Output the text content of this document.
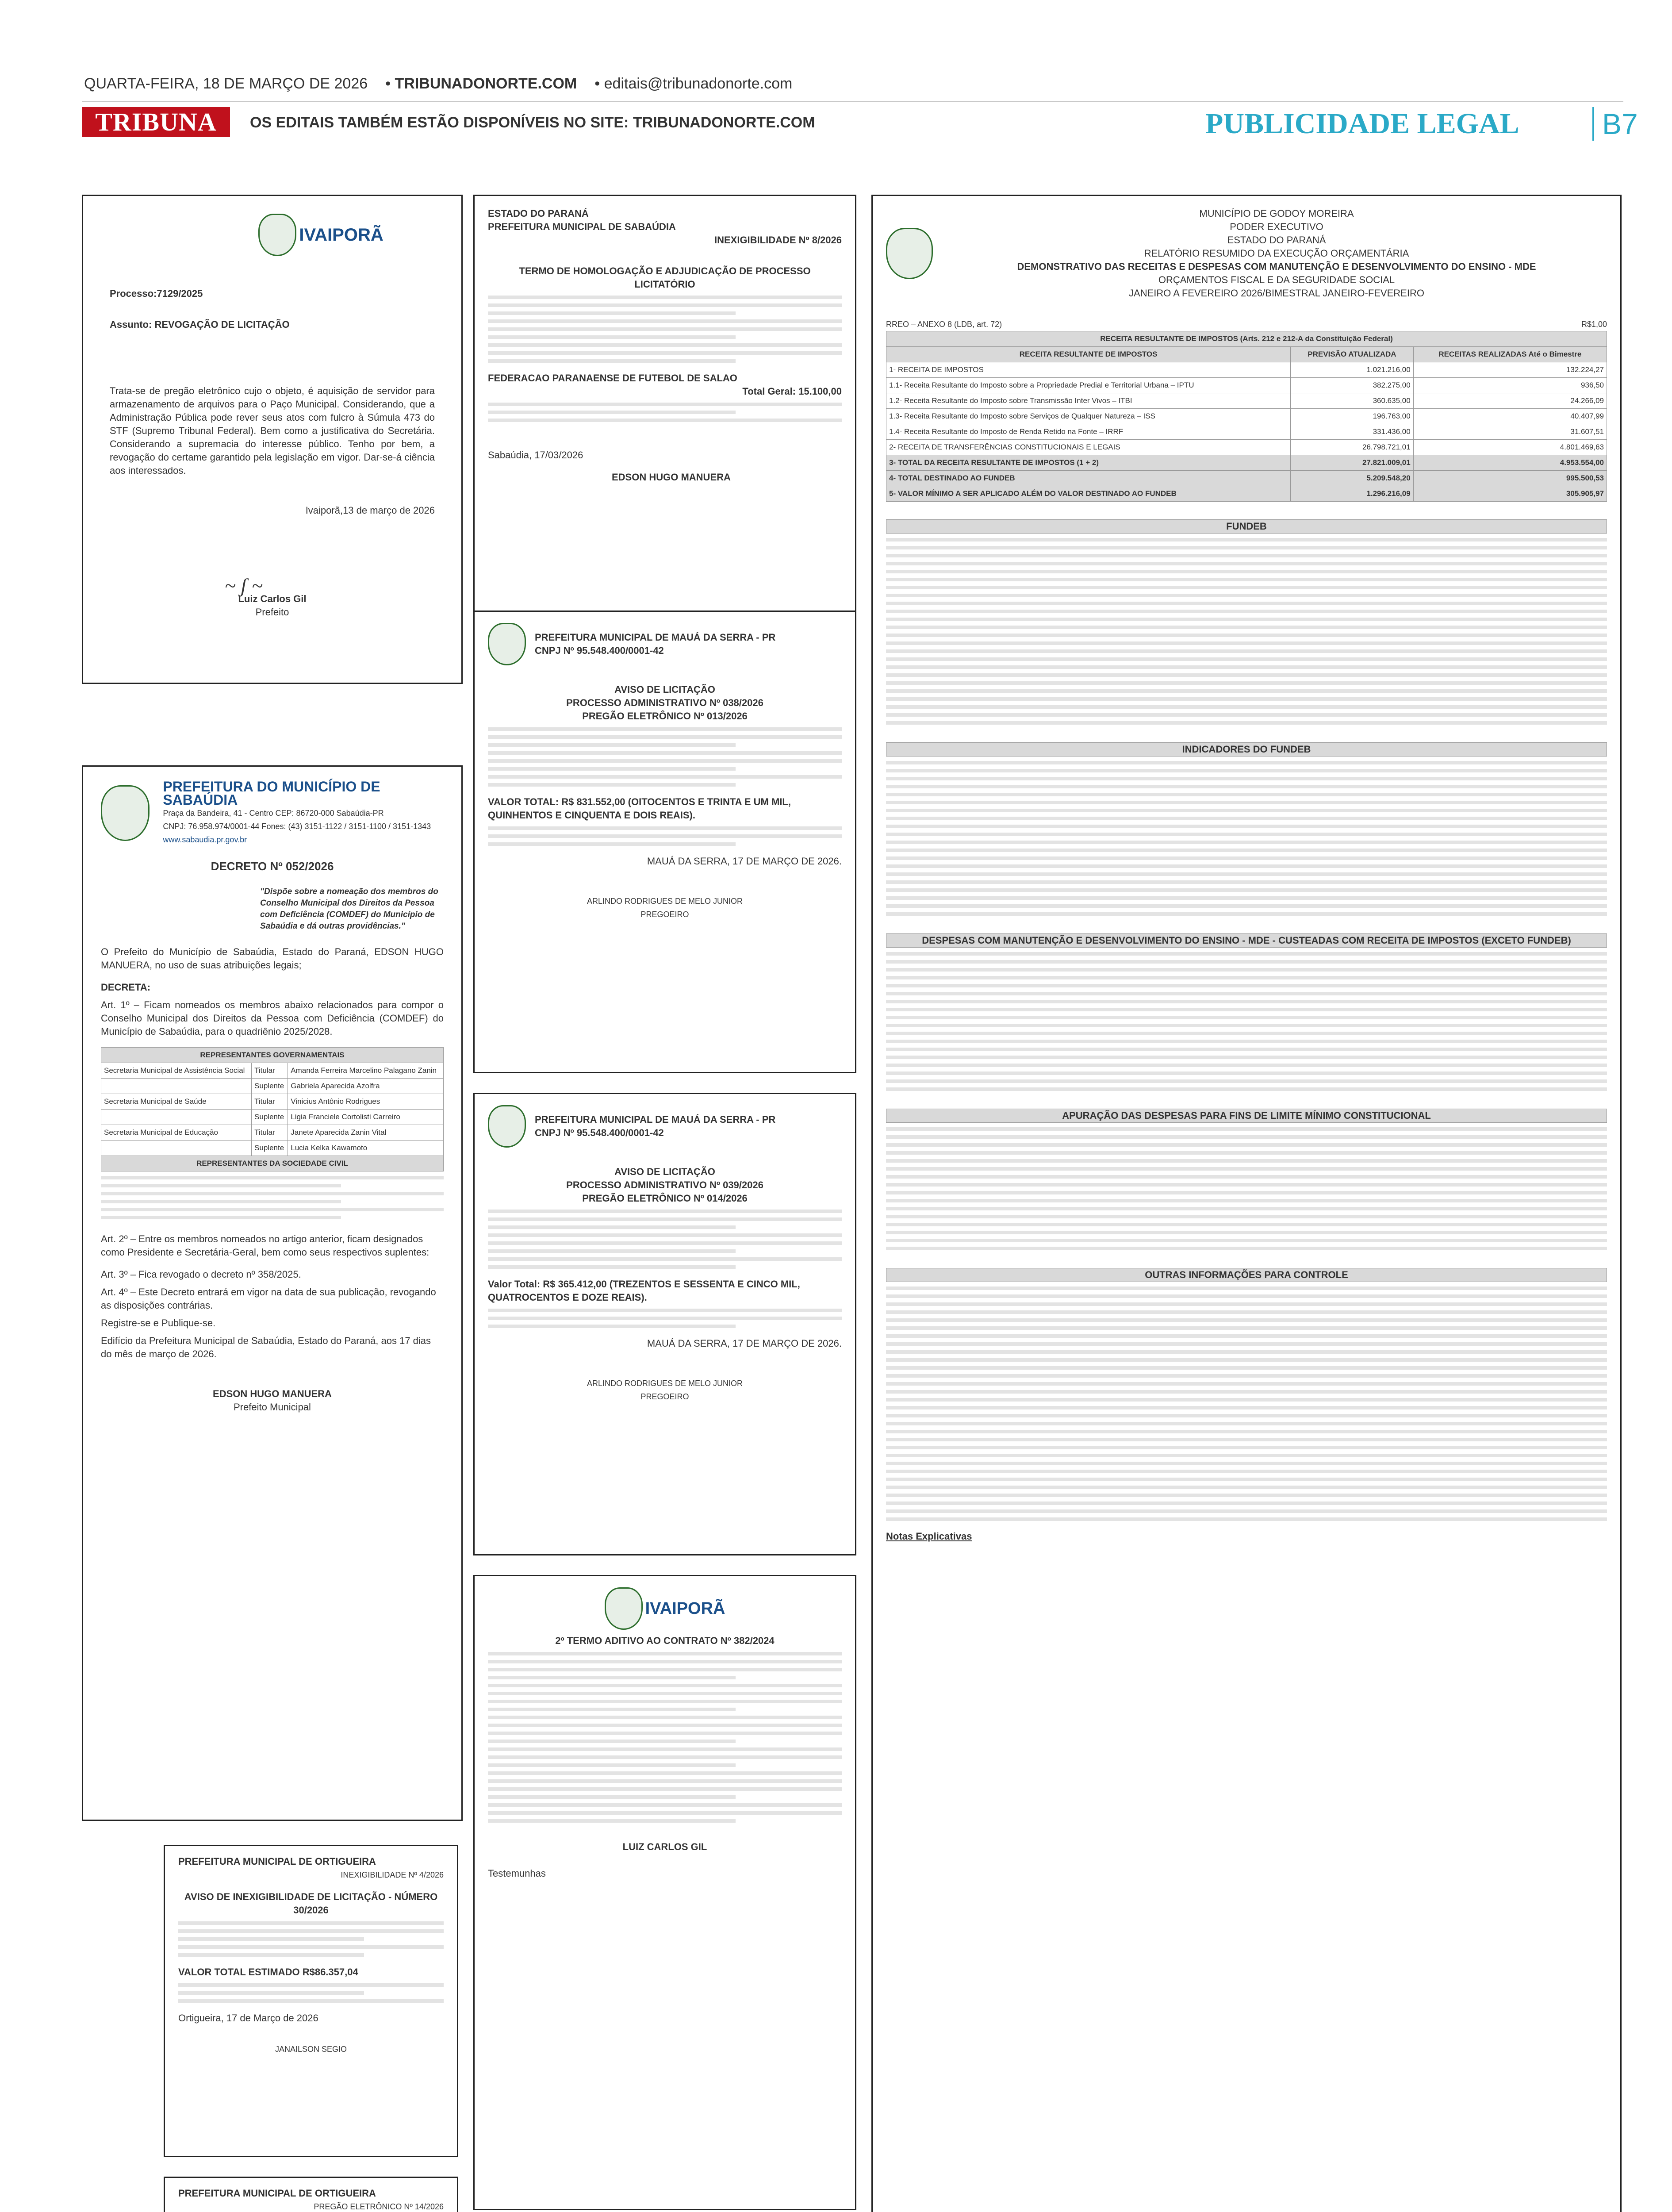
QUARTA-FEIRA, 18 DE MARÇO DE 2026 • TRIBUNADONORTE.COM • editais@tribunadonorte.com
TRIBUNA	OS EDITAIS TAMBÉM ESTÃO DISPONÍVEIS NO SITE: TRIBUNADONORTE.COM	PUBLICIDADE LEGAL	B7
IVAIPORÃ
Processo:7129/2025
Assunto: REVOGAÇÃO DE LICITAÇÃO
Trata-se de pregão eletrônico cujo o objeto, é aquisição de servidor para armazenamento de arquivos para o Paço Municipal. Considerando, que a Administração Pública pode rever seus atos com fulcro à Súmula 473 do STF (Supremo Tribunal Federal). Bem como a justificativa do Secretária. Considerando a supremacia do interesse público. Tenho por bem, a revogação do certame garantido pela legislação em vigor. Dar-se-á ciência aos interessados.
Ivaiporã,13 de março de 2026
~ ʃ ~
Luiz Carlos Gil
Prefeito
PREFEITURA DO MUNICÍPIO DE SABAÚDIA
Praça da Bandeira, 41 - Centro CEP: 86720-000 Sabaúdia-PR
CNPJ: 76.958.974/0001-44 Fones: (43) 3151-1122 / 3151-1100 / 3151-1343
www.sabaudia.pr.gov.br
DECRETO Nº 052/2026
"Dispõe sobre a nomeação dos membros do Conselho Municipal dos Direitos da Pessoa com Deficiência (COMDEF) do Município de Sabaúdia e dá outras providências."
O Prefeito do Município de Sabaúdia, Estado do Paraná, EDSON HUGO MANUERA, no uso de suas atribuições legais;
DECRETA:
Art. 1º – Ficam nomeados os membros abaixo relacionados para compor o Conselho Municipal dos Direitos da Pessoa com Deficiência (COMDEF) do Município de Sabaúdia, para o quadriênio 2025/2028.
REPRESENTANTES GOVERNAMENTAIS		
Secretaria Municipal de Assistência Social	Titular	Amanda Ferreira Marcelino Palagano Zanin
	Suplente	Gabriela Aparecida Azolfra
Secretaria Municipal de Saúde	Titular	Vinicius Antônio Rodrigues
	Suplente	Ligia Franciele Cortolisti Carreiro
Secretaria Municipal de Educação	Titular	Janete Aparecida Zanin Vital
	Suplente	Lucia Kelka Kawamoto
REPRESENTANTES DA SOCIEDADE CIVIL		
Art. 2º – Entre os membros nomeados no artigo anterior, ficam designados como Presidente e Secretária-Geral, bem como seus respectivos suplentes:
Art. 3º – Fica revogado o decreto nº 358/2025.
Art. 4º – Este Decreto entrará em vigor na data de sua publicação, revogando as disposições contrárias.
Registre-se e Publique-se.
Edifício da Prefeitura Municipal de Sabaúdia, Estado do Paraná, aos 17 dias do mês de março de 2026.
EDSON HUGO MANUERA
Prefeito Municipal
PREFEITURA MUNICIPAL DE ORTIGUEIRA
INEXIGIBILIDADE Nº 4/2026
AVISO DE INEXIGIBILIDADE DE LICITAÇÃO - NÚMERO 30/2026
VALOR TOTAL ESTIMADO R$86.357,04
Ortigueira, 17 de Março de 2026
JANAILSON SEGIO
PREFEITURA MUNICIPAL DE ORTIGUEIRA
PREGÃO ELETRÔNICO Nº 14/2026
ESTADO DO PARANÁ
PREFEITURA MUNICIPAL DE SABAÚDIA
INEXIGIBILIDADE Nº 8/2026
TERMO DE HOMOLOGAÇÃO E ADJUDICAÇÃO DE PROCESSO LICITATÓRIO
FEDERACAO PARANAENSE DE FUTEBOL DE SALAO
Total Geral: 15.100,00
Sabaúdia, 17/03/2026
EDSON HUGO MANUERA
PREFEITURA MUNICIPAL DE MAUÁ DA SERRA - PR
CNPJ Nº 95.548.400/0001-42
AVISO DE LICITAÇÃO
PROCESSO ADMINISTRATIVO Nº 038/2026
PREGÃO ELETRÔNICO Nº 013/2026
VALOR TOTAL: R$ 831.552,00 (OITOCENTOS E TRINTA E UM MIL, QUINHENTOS E CINQUENTA E DOIS REAIS).
MAUÁ DA SERRA, 17 DE MARÇO DE 2026.
ARLINDO RODRIGUES DE MELO JUNIOR
PREGOEIRO
PREFEITURA MUNICIPAL DE MAUÁ DA SERRA - PR
CNPJ Nº 95.548.400/0001-42
AVISO DE LICITAÇÃO
PROCESSO ADMINISTRATIVO Nº 039/2026
PREGÃO ELETRÔNICO Nº 014/2026
Valor Total: R$ 365.412,00 (TREZENTOS E SESSENTA E CINCO MIL, QUATROCENTOS E DOZE REAIS).
MAUÁ DA SERRA, 17 DE MARÇO DE 2026.
ARLINDO RODRIGUES DE MELO JUNIOR
PREGOEIRO
IVAIPORÃ
2º TERMO ADITIVO AO CONTRATO Nº 382/2024
LUIZ CARLOS GIL
Testemunhas
MUNICÍPIO DE GODOY MOREIRA
PODER EXECUTIVO
ESTADO DO PARANÁ
RELATÓRIO RESUMIDO DA EXECUÇÃO ORÇAMENTÁRIA
DEMONSTRATIVO DAS RECEITAS E DESPESAS COM MANUTENÇÃO E DESENVOLVIMENTO DO ENSINO - MDE
ORÇAMENTOS FISCAL E DA SEGURIDADE SOCIAL
JANEIRO A FEVEREIRO 2026/BIMESTRAL JANEIRO-FEVEREIRO
RREO – ANEXO 8 (LDB, art. 72)	R$1,00
RECEITA RESULTANTE DE IMPOSTOS (Arts. 212 e 212-A da Constituição Federal)		
RECEITA RESULTANTE DE IMPOSTOS	PREVISÃO ATUALIZADA	RECEITAS REALIZADAS Até o Bimestre
1- RECEITA DE IMPOSTOS	1.021.216,00	132.224,27
1.1- Receita Resultante do Imposto sobre a Propriedade Predial e Territorial Urbana – IPTU	382.275,00	936,50
1.2- Receita Resultante do Imposto sobre Transmissão Inter Vivos – ITBI	360.635,00	24.266,09
1.3- Receita Resultante do Imposto sobre Serviços de Qualquer Natureza – ISS	196.763,00	40.407,99
1.4- Receita Resultante do Imposto de Renda Retido na Fonte – IRRF	331.436,00	31.607,51
2- RECEITA DE TRANSFERÊNCIAS CONSTITUCIONAIS E LEGAIS	26.798.721,01	4.801.469,63
3- TOTAL DA RECEITA RESULTANTE DE IMPOSTOS (1 + 2)	27.821.009,01	4.953.554,00
4- TOTAL DESTINADO AO FUNDEB	5.209.548,20	995.500,53
5- VALOR MÍNIMO A SER APLICADO ALÉM DO VALOR DESTINADO AO FUNDEB	1.296.216,09	305.905,97
FUNDEB
INDICADORES DO FUNDEB
DESPESAS COM MANUTENÇÃO E DESENVOLVIMENTO DO ENSINO - MDE - CUSTEADAS COM RECEITA DE IMPOSTOS (EXCETO FUNDEB)
APURAÇÃO DAS DESPESAS PARA FINS DE LIMITE MÍNIMO CONSTITUCIONAL
OUTRAS INFORMAÇÕES PARA CONTROLE
Notas Explicativas
